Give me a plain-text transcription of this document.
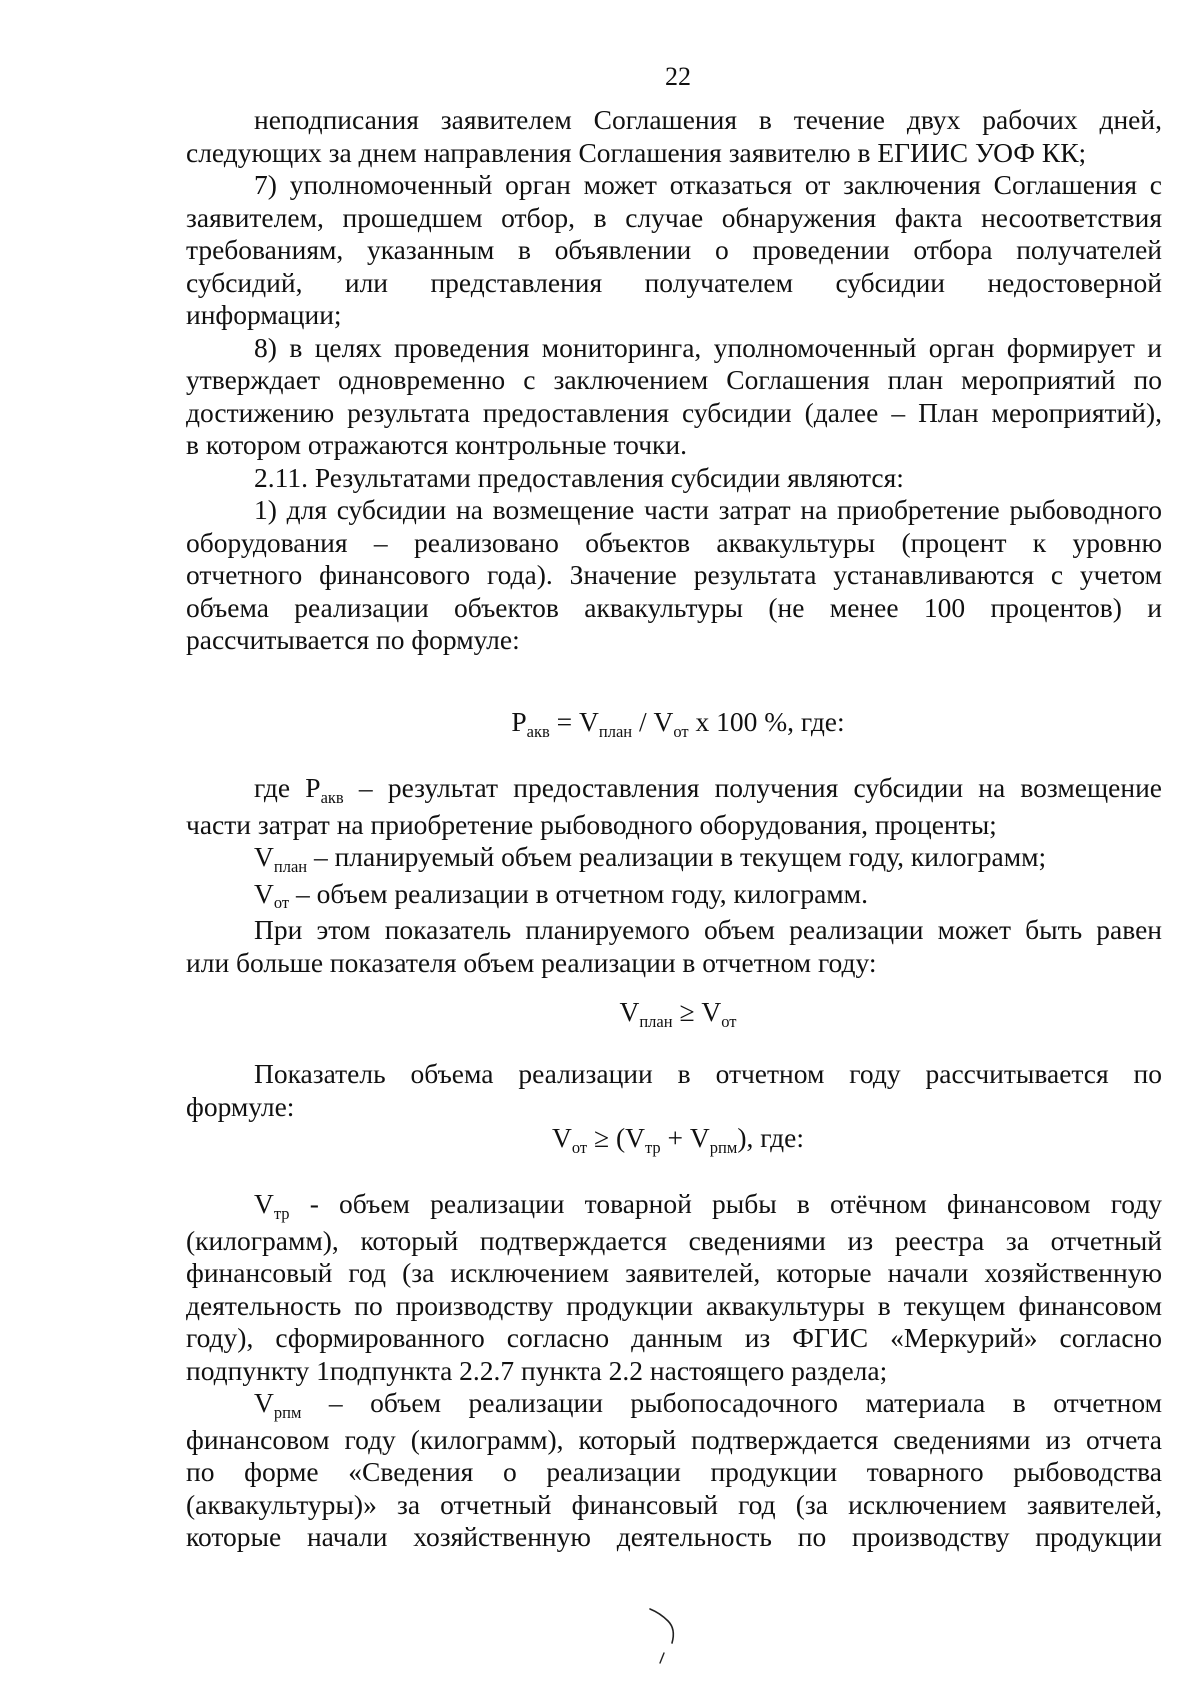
22

неподписания заявителем Соглашения в течение двух рабочих дней,

следующих за днем направления Соглашения заявителю в ЕГИИС УОФ КК;

7) уполномоченный орган может отказаться от заключения Соглашения с

заявителем, прошедшем отбор, в случае обнаружения факта несоответствия

требованиям, указанным в объявлении о проведении отбора получателей

субсидий, или представления получателем субсидии недостоверной

информации;

8) в целях проведения мониторинга, уполномоченный орган формирует и

утверждает одновременно с заключением Соглашения план мероприятий по

достижению результата предоставления субсидии (далее – План мероприятий),

в котором отражаются контрольные точки.

2.11. Результатами предоставления субсидии являются:

1) для субсидии на возмещение части затрат на приобретение рыбоводного

оборудования – реализовано объектов аквакультуры (процент к уровню

отчетного финансового года). Значение результата устанавливаются с учетом

объема реализации объектов аквакультуры (не менее 100 процентов) и

рассчитывается по формуле:

$P_{акв} = V_{план} / V_{от}$ х 100 %, где:

где $P_{акв}$ – результат предоставления получения субсидии на возмещение

части затрат на приобретение рыбоводного оборудования, проценты;

$V_{план}$ – планируемый объем реализации в текущем году, килограмм;

$V_{от}$ – объем реализации в отчетном году, килограмм.

При этом показатель планируемого объем реализации может быть равен

или больше показателя объем реализации в отчетном году:

$V_{план} \ge V_{от}$

Показатель объема реализации в отчетном году рассчитывается по

формуле:

$V_{от} \ge (V_{тр} + V_{рпм})$, где:

$V_{тр}$ - объем реализации товарной рыбы в отёчном финансовом году

(килограмм), который подтверждается сведениями из реестра за отчетный

финансовый год (за исключением заявителей, которые начали хозяйственную

деятельность по производству продукции аквакультуры в текущем финансовом

году), сформированного согласно данным из ФГИС «Меркурий» согласно

подпункту 1подпункта 2.2.7 пункта 2.2 настоящего раздела;

$V_{рпм}$ – объем реализации рыбопосадочного материала в отчетном

финансовом году (килограмм), который подтверждается сведениями из отчета

по форме «Сведения о реализации продукции товарного рыбоводства

(аквакультуры)» за отчетный финансовый год (за исключением заявителей,

которые начали хозяйственную деятельность по производству продукции
